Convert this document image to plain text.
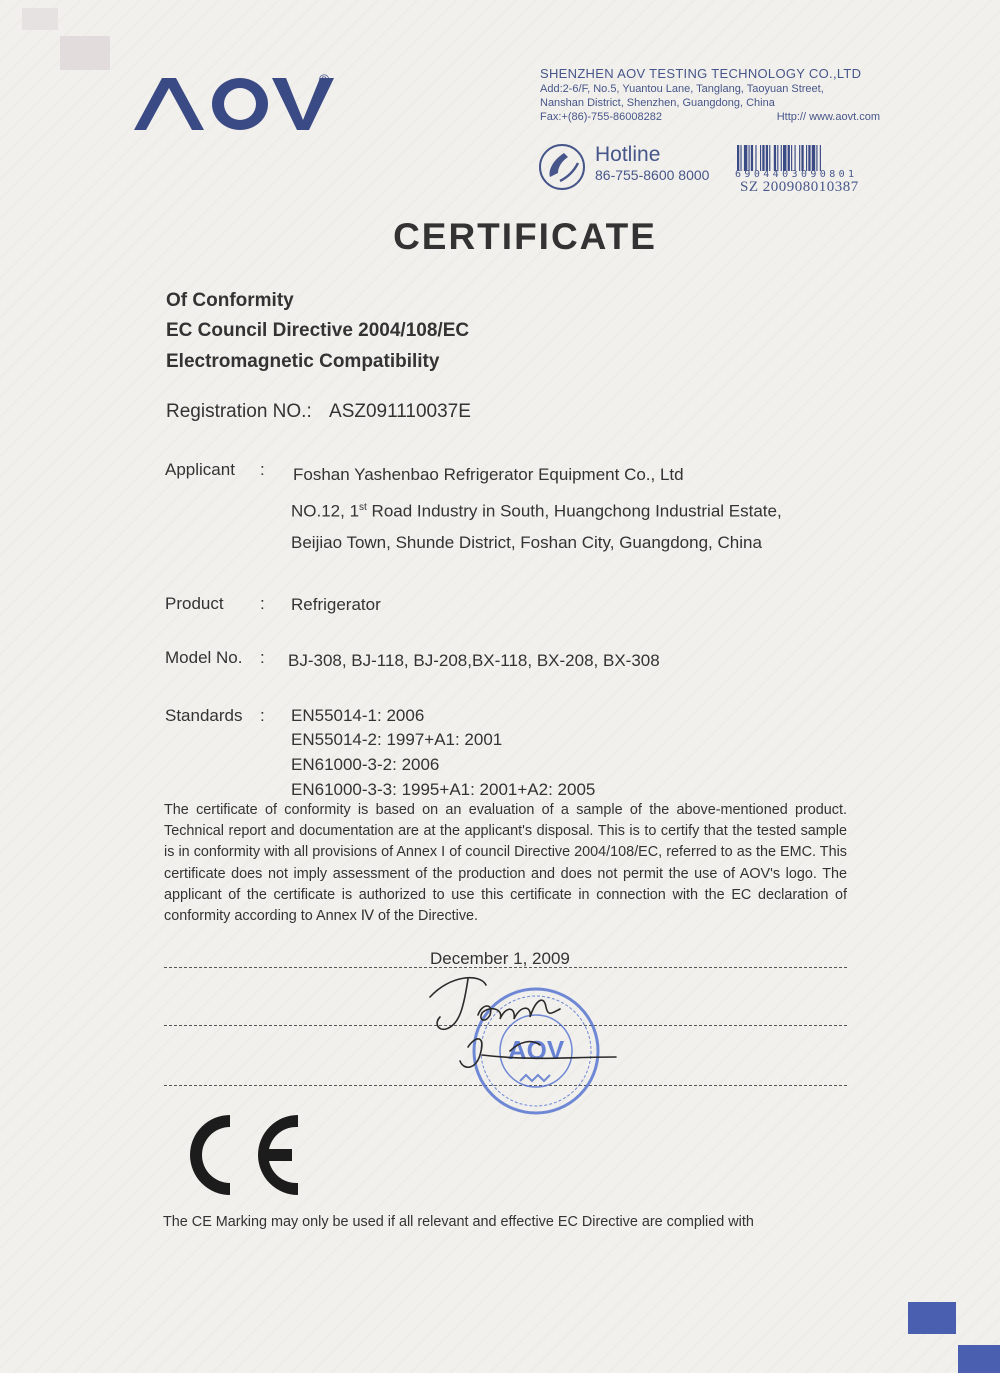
®	SHENZHEN AOV TESTING TECHNOLOGY CO.,LTD
Add:2-6/F, No.5, Yuantou Lane, Tanglang, Taoyuan Street,
Nanshan District, Shenzhen, Guangdong, China
Fax:+(86)-755-86008282	Http:// www.aovt.com
Hotline
86-755-8600 8000	6904403090801
SZ 200908010387
CERTIFICATE
Of Conformity
EC Council Directive 2004/108/EC
Electromagnetic Compatibility
Registration NO.: ASZ091110037E
Applicant : Foshan Yashenbao Refrigerator Equipment Co., Ltd
NO.12, 1st Road Industry in South, Huangchong Industrial Estate,
Beijiao Town, Shunde District, Foshan City, Guangdong, China
Product : Refrigerator
Model No. : BJ-308, BJ-118, BJ-208,BX-118, BX-208, BX-308
Standards : EN55014-1: 2006
EN55014-2: 1997+A1: 2001
EN61000-3-2: 2006
EN61000-3-3: 1995+A1: 2001+A2: 2005
The certificate of conformity is based on an evaluation of a sample of the above-mentioned product. Technical report and documentation are at the applicant's disposal. This is to certify that the tested sample is in conformity with all provisions of Annex I of council Directive 2004/108/EC, referred to as the EMC. This certificate does not imply assessment of the production and does not permit the use of AOV's logo. The applicant of the certificate is authorized to use this certificate in connection with the EC declaration of conformity according to Annex Ⅳ of the Directive.
December 1, 2009
AOV
The CE Marking may only be used if all relevant and effective EC Directive are complied with
